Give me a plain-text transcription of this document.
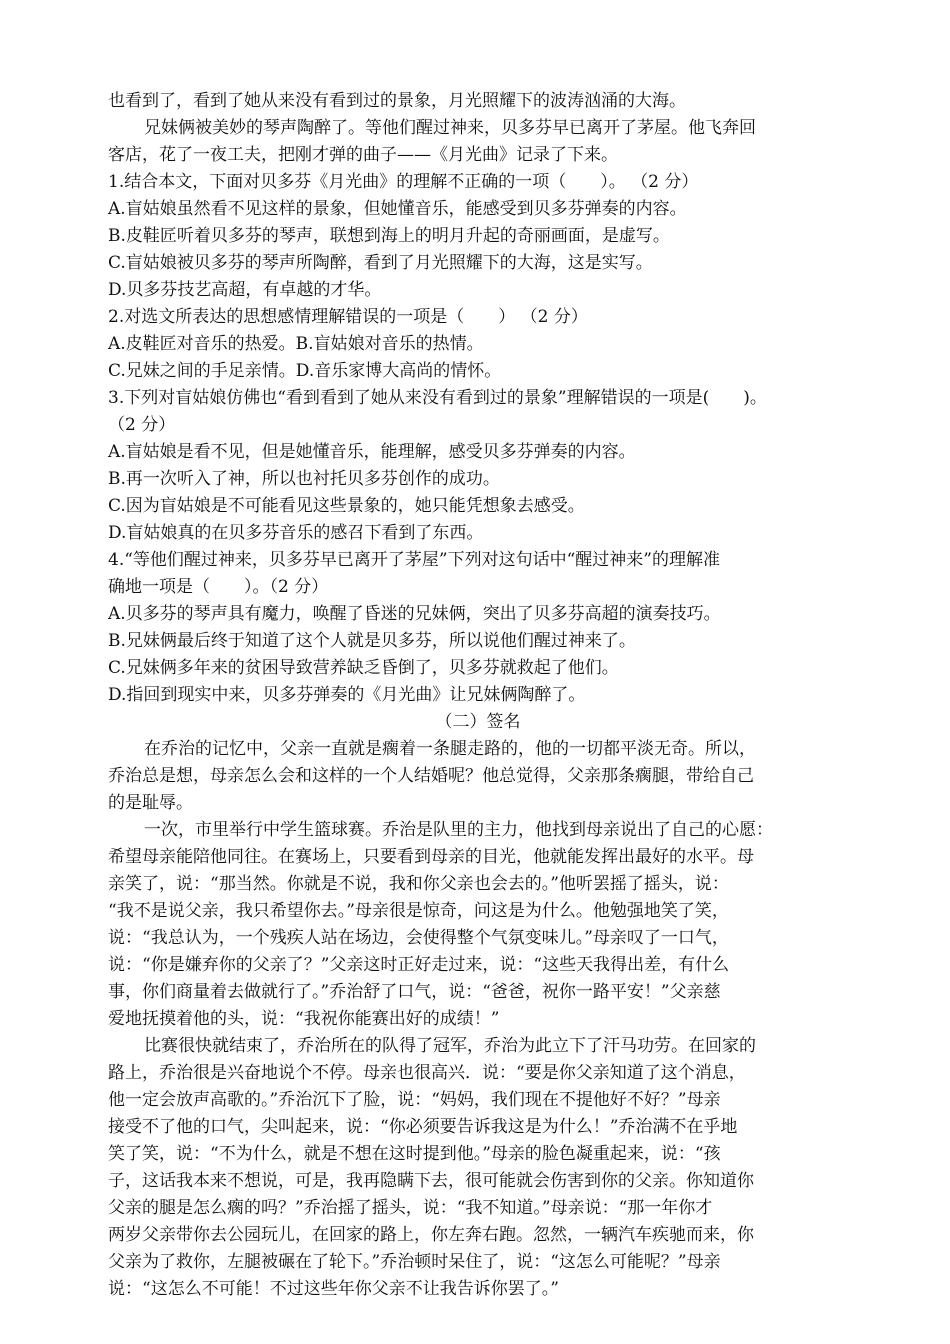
也看到了，看到了她从来没有看到过的景象，月光照耀下的波涛汹涌的大海。
兄妹俩被美妙的琴声陶醉了。等他们醒过神来，贝多芬早已离开了茅屋。他飞奔回
客店，花了一夜工夫，把刚才弹的曲子——《月光曲》记录了下来。
1.结合本文，下面对贝多芬《月光曲》的理解不正确的一项（　　）。 （2 分）
A.盲姑娘虽然看不见这样的景象，但她懂音乐，能感受到贝多芬弹奏的内容。
B.皮鞋匠听着贝多芬的琴声，联想到海上的明月升起的奇丽画面，是虚写。
C.盲姑娘被贝多芬的琴声所陶醉，看到了月光照耀下的大海，这是实写。
D.贝多芬技艺高超，有卓越的才华。
2.对选文所表达的思想感情理解错误的一项是（　　） （2 分）
A.皮鞋匠对音乐的热爱。B.盲姑娘对音乐的热情。
C.兄妹之间的手足亲情。D.音乐家博大高尚的情怀。
3.下列对盲姑娘仿佛也“看到看到了她从来没有看到过的景象”理解错误的一项是(　　)。
（2 分）
A.盲姑娘是看不见，但是她懂音乐，能理解，感受贝多芬弹奏的内容。
B.再一次听入了神，所以也衬托贝多芬创作的成功。
C.因为盲姑娘是不可能看见这些景象的，她只能凭想象去感受。
D.盲姑娘真的在贝多芬音乐的感召下看到了东西。
4.“等他们醒过神来，贝多芬早已离开了茅屋”下列对这句话中“醒过神来”的理解准
确地一项是（　　）。（2 分）
A.贝多芬的琴声具有魔力，唤醒了昏迷的兄妹俩，突出了贝多芬高超的演奏技巧。
B.兄妹俩最后终于知道了这个人就是贝多芬，所以说他们醒过神来了。
C.兄妹俩多年来的贫困导致营养缺乏昏倒了，贝多芬就救起了他们。
D.指回到现实中来，贝多芬弹奏的《月光曲》让兄妹俩陶醉了。
（二）签名
在乔治的记忆中，父亲一直就是瘸着一条腿走路的，他的一切都平淡无奇。所以，
乔治总是想，母亲怎么会和这样的一个人结婚呢？他总觉得，父亲那条瘸腿，带给自己
的是耻辱。
一次，市里举行中学生篮球赛。乔治是队里的主力，他找到母亲说出了自己的心愿：
希望母亲能陪他同往。在赛场上，只要看到母亲的目光，他就能发挥出最好的水平。母
亲笑了，说：“那当然。你就是不说，我和你父亲也会去的。”他听罢摇了摇头，说：
“我不是说父亲，我只希望你去。”母亲很是惊奇，问这是为什么。他勉强地笑了笑，
说：“我总认为，一个残疾人站在场边，会使得整个气氛变味儿。”母亲叹了一口气，
说：“你是嫌弃你的父亲了？”父亲这时正好走过来，说：“这些天我得出差，有什么
事，你们商量着去做就行了。”乔治舒了口气，说：“爸爸，祝你一路平安！”父亲慈
爱地抚摸着他的头，说：“我祝你能赛出好的成绩！”
比赛很快就结束了，乔治所在的队得了冠军，乔治为此立下了汗马功劳。在回家的
路上，乔治很是兴奋地说个不停。母亲也很高兴．说：“要是你父亲知道了这个消息，
他一定会放声高歌的。”乔治沉下了脸，说：“妈妈，我们现在不提他好不好？”母亲
接受不了他的口气，尖叫起来，说：“你必须要告诉我这是为什么！”乔治满不在乎地
笑了笑，说：“不为什么，就是不想在这时提到他。”母亲的脸色凝重起来，说：“孩
子，这话我本来不想说，可是，我再隐瞒下去，很可能就会伤害到你的父亲。你知道你
父亲的腿是怎么瘸的吗？”乔治摇了摇头，说：“我不知道。”母亲说：“那一年你才
两岁父亲带你去公园玩儿，在回家的路上，你左奔右跑。忽然，一辆汽车疾驰而来，你
父亲为了救你，左腿被碾在了轮下。”乔治顿时呆住了，说：“这怎么可能呢？”母亲
说：“这怎么不可能！不过这些年你父亲不让我告诉你罢了。”
